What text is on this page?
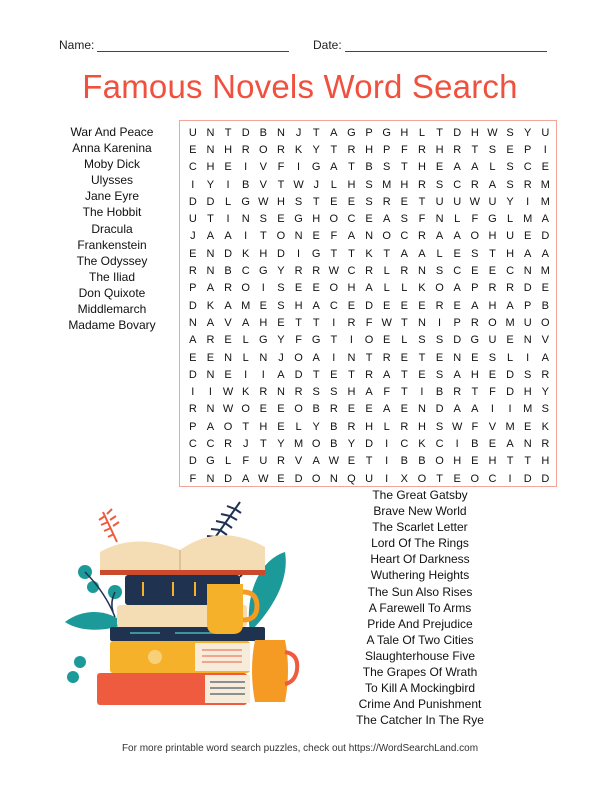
Name:	Date:
Famous Novels Word Search
War And Peace
Anna Karenina
Moby Dick
Ulysses
Jane Eyre
The Hobbit
Dracula
Frankenstein
The Odyssey
The Iliad
Don Quixote
Middlemarch
Madame Bovary
U N T D B N J	T A G P G H L	T D H W S Y U
E N H R O R K Y T R H P F R H R T S E P	I
C H E	I	V F	I	G A T B S T H E A A L S C E
I	Y	I	B V T W J	L H S M H R S C R A S R M
D D L G W H S T E E S R E T U U W U Y	I	M
U T	I	N S E G H O C E A S F N L	F G L M A
J	A A	I	T O N E F A N O C R A A O H U E D
E N D K H D	I	G T T K T A A L E S T H A A
R N B C G Y R R W C R L R N S C E E C N M
P A R O	I	S E E O H A L	L K O A P R R D E
D K A M E S H A C E D E E E R E A H A P B
N A V A H E T T	I	R F W T N	I	P R O M U O
A R E L G Y F G T	I	O E L S S D G U E N V
E E N L N J O A	I	N T R E T E N E S L	I	A
D N E	I	I	A D T E T R A T E S A H E D S R
I	I W K R N R S S H A F T	I	B R T F D H Y
R N W O E E O B R E E A E N D A A	I	I	M S
P A O T H E L Y B R H L R H S W F V M E K
C C R J	T Y M O B Y D	I	C K C	I	B E A N R
D G L	F U R V A W E T	I	B B O H E H T T H
F N D A W E D O N Q U	I	X O T E O C	I	D D
The Great Gatsby
Brave New World
The Scarlet Letter
Lord Of The Rings
Heart Of Darkness
Wuthering Heights
The Sun Also Rises
A Farewell To Arms
Pride And Prejudice
A Tale Of Two Cities
Slaughterhouse Five
The Grapes Of Wrath
To Kill A Mockingbird
Crime And Punishment
The Catcher In The Rye
For more printable word search puzzles, check out https://WordSearchLand.com
